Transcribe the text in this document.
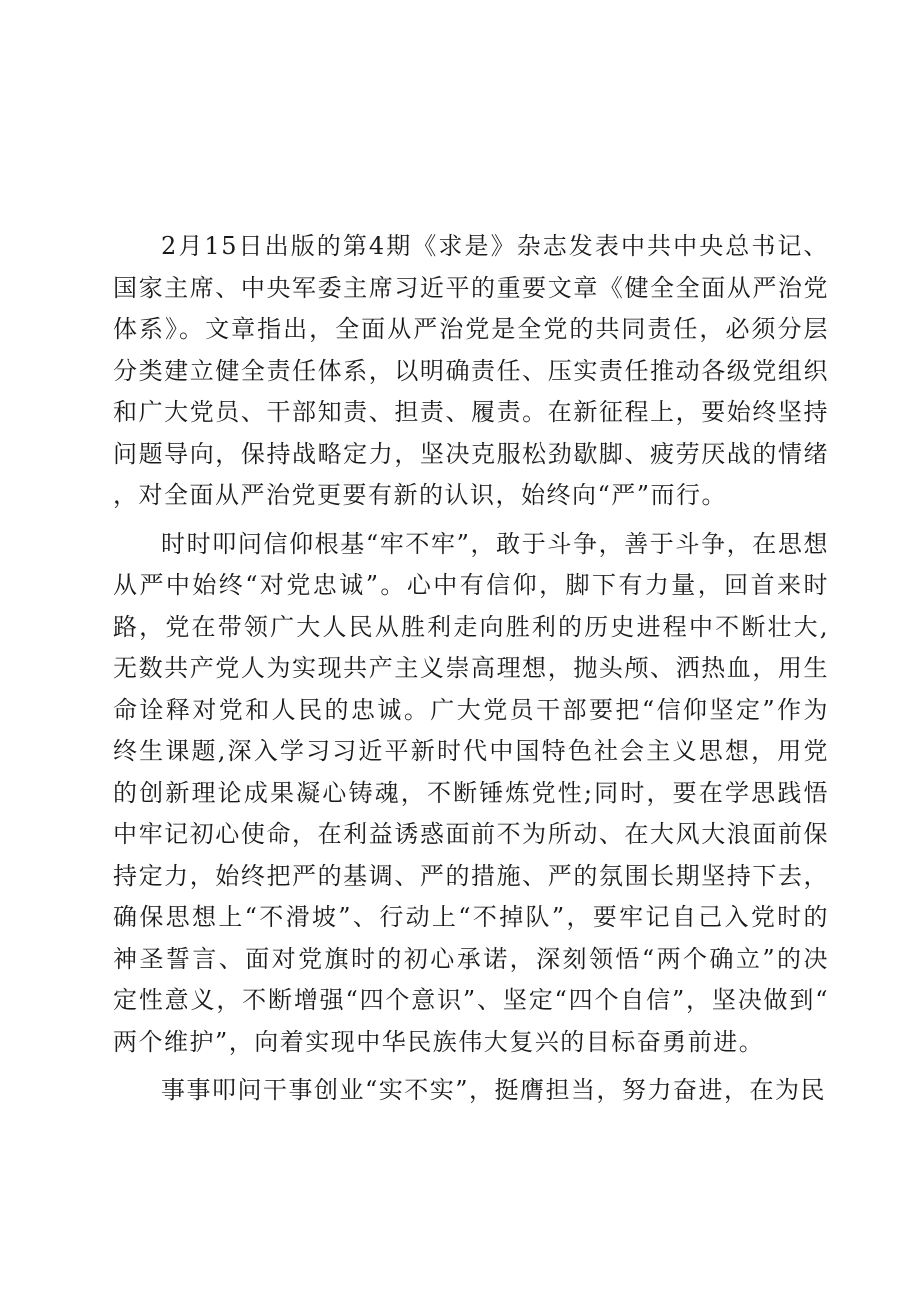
2月15日出版的第4期《求是》杂志发表中共中央总书记、国家主席、中央军委主席习近平的重要文章《健全全面从严治党体系》。文章指出，全面从严治党是全党的共同责任，必须分层分类建立健全责任体系，以明确责任、压实责任推动各级党组织和广大党员、干部知责、担责、履责。在新征程上，要始终坚持问题导向，保持战略定力，坚决克服松劲歇脚、疲劳厌战的情绪，对全面从严治党更要有新的认识，始终向“严”而行。

时时叩问信仰根基“牢不牢”，敢于斗争，善于斗争，在思想从严中始终“对党忠诚”。心中有信仰，脚下有力量，回首来时路，党在带领广大人民从胜利走向胜利的历史进程中不断壮大,无数共产党人为实现共产主义崇高理想，抛头颅、洒热血，用生命诠释对党和人民的忠诚。广大党员干部要把“信仰坚定”作为终生课题,深入学习习近平新时代中国特色社会主义思想，用党的创新理论成果凝心铸魂，不断锤炼党性;同时，要在学思践悟中牢记初心使命，在利益诱惑面前不为所动、在大风大浪面前保持定力，始终把严的基调、严的措施、严的氛围长期坚持下去，确保思想上“不滑坡”、行动上“不掉队”，要牢记自己入党时的神圣誓言、面对党旗时的初心承诺，深刻领悟“两个确立”的决定性意义，不断增强“四个意识”、坚定“四个自信”，坚决做到“两个维护”，向着实现中华民族伟大复兴的目标奋勇前进。

事事叩问干事创业“实不实”，挺膺担当，努力奋进，在为民
